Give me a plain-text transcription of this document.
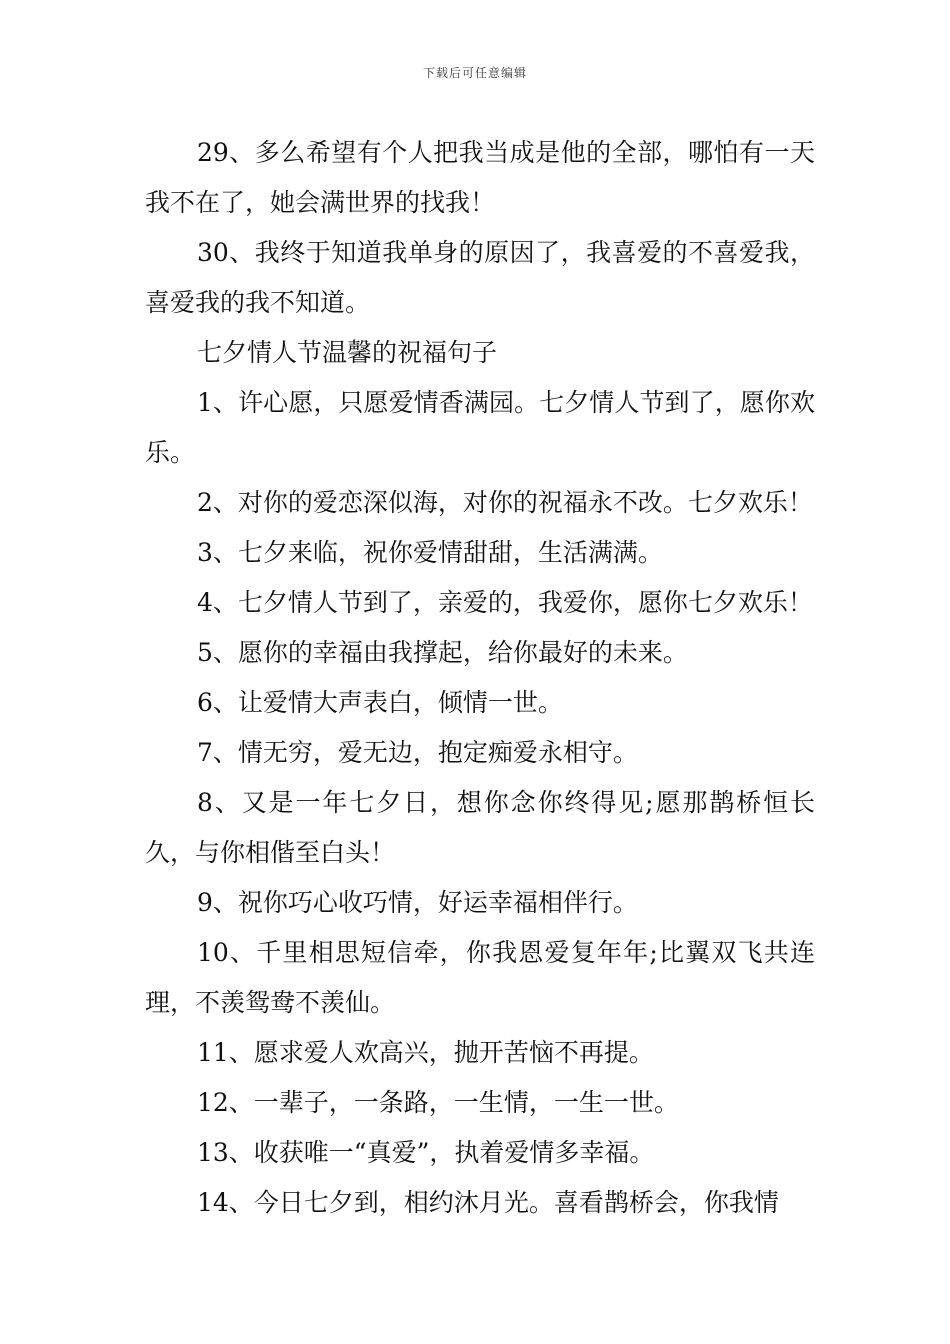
下载后可任意编辑

29、多么希望有个人把我当成是他的全部，哪怕有一天我不在了，她会满世界的找我！

30、我终于知道我单身的原因了，我喜爱的不喜爱我，喜爱我的我不知道。

七夕情人节温馨的祝福句子

1、许心愿，只愿爱情香满园。七夕情人节到了，愿你欢乐。

2、对你的爱恋深似海，对你的祝福永不改。七夕欢乐！

3、七夕来临，祝你爱情甜甜，生活满满。

4、七夕情人节到了，亲爱的，我爱你，愿你七夕欢乐！

5、愿你的幸福由我撑起，给你最好的未来。

6、让爱情大声表白，倾情一世。

7、情无穷，爱无边，抱定痴爱永相守。

8、又是一年七夕日，想你念你终得见;愿那鹊桥恒长久，与你相偕至白头！

9、祝你巧心收巧情，好运幸福相伴行。

10、千里相思短信牵，你我恩爱复年年;比翼双飞共连理，不羡鸳鸯不羡仙。

11、愿求爱人欢高兴，抛开苦恼不再提。

12、一辈子，一条路，一生情，一生一世。

13、收获唯一“真爱”，执着爱情多幸福。

14、今日七夕到，相约沐月光。喜看鹊桥会，你我情
